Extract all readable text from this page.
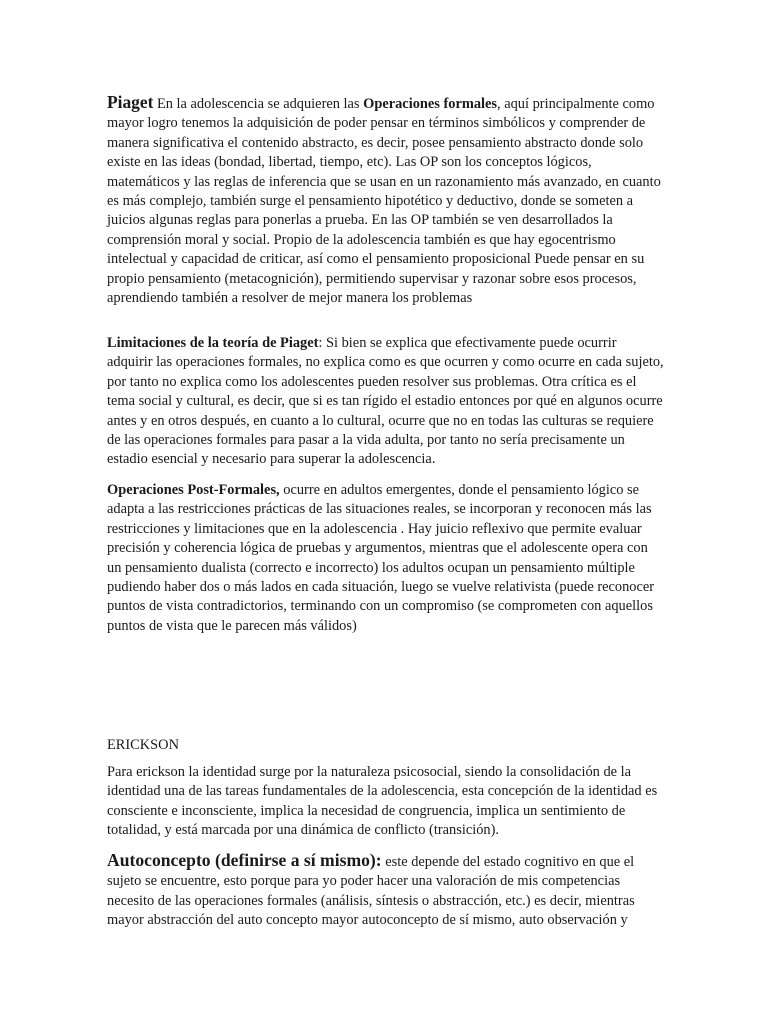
Piaget En la adolescencia se adquieren las Operaciones formales, aquí principalmente como mayor logro tenemos la adquisición de poder pensar en términos simbólicos y comprender de manera significativa el contenido abstracto, es decir, posee pensamiento abstracto donde solo existe en las ideas (bondad, libertad, tiempo, etc). Las OP son los conceptos lógicos, matemáticos y las reglas de inferencia que se usan en un razonamiento más avanzado, en cuanto es más complejo, también surge el pensamiento hipotético y deductivo, donde se someten a juicios algunas reglas para ponerlas a prueba. En las OP también se ven desarrollados la comprensión moral y social. Propio de la adolescencia también es que hay egocentrismo intelectual y capacidad de criticar, así como el pensamiento proposicional Puede pensar en su propio pensamiento (metacognición), permitiendo supervisar y razonar sobre esos procesos, aprendiendo también a resolver de mejor manera los problemas

Limitaciones de la teoría de Piaget: Si bien se explica que efectivamente puede ocurrir adquirir las operaciones formales, no explica como es que ocurren y como ocurre en cada sujeto, por tanto no explica como los adolescentes pueden resolver sus problemas. Otra crítica es el tema social y cultural, es decir, que si es tan rígido el estadio entonces por qué en algunos ocurre antes y en otros después, en cuanto a lo cultural, ocurre que no en todas las culturas se requiere de las operaciones formales para pasar a la vida adulta, por tanto no sería precisamente un estadio esencial y necesario para superar la adolescencia.

Operaciones Post-Formales, ocurre en adultos emergentes, donde el pensamiento lógico se adapta a las restricciones prácticas de las situaciones reales, se incorporan y reconocen más las restricciones y limitaciones que en la adolescencia . Hay juicio reflexivo que permite evaluar precisión y coherencia lógica de pruebas y argumentos, mientras que el adolescente opera con un pensamiento dualista (correcto e incorrecto) los adultos ocupan un pensamiento múltiple pudiendo haber dos o más lados en cada situación, luego se vuelve relativista (puede reconocer puntos de vista contradictorios, terminando con un compromiso (se comprometen con aquellos puntos de vista que le parecen más válidos)

ERICKSON

Para erickson la identidad surge por la naturaleza psicosocial, siendo la consolidación de la identidad una de las tareas fundamentales de la adolescencia, esta concepción de la identidad es consciente e inconsciente, implica la necesidad de congruencia, implica un sentimiento de totalidad, y está marcada por una dinámica de conflicto (transición).

Autoconcepto (definirse a sí mismo): este depende del estado cognitivo en que el sujeto se encuentre, esto porque para yo poder hacer una valoración de mis competencias necesito de las operaciones formales (análisis, síntesis o abstracción, etc.) es decir, mientras mayor abstracción del auto concepto mayor autoconcepto de sí mismo, auto observación y
